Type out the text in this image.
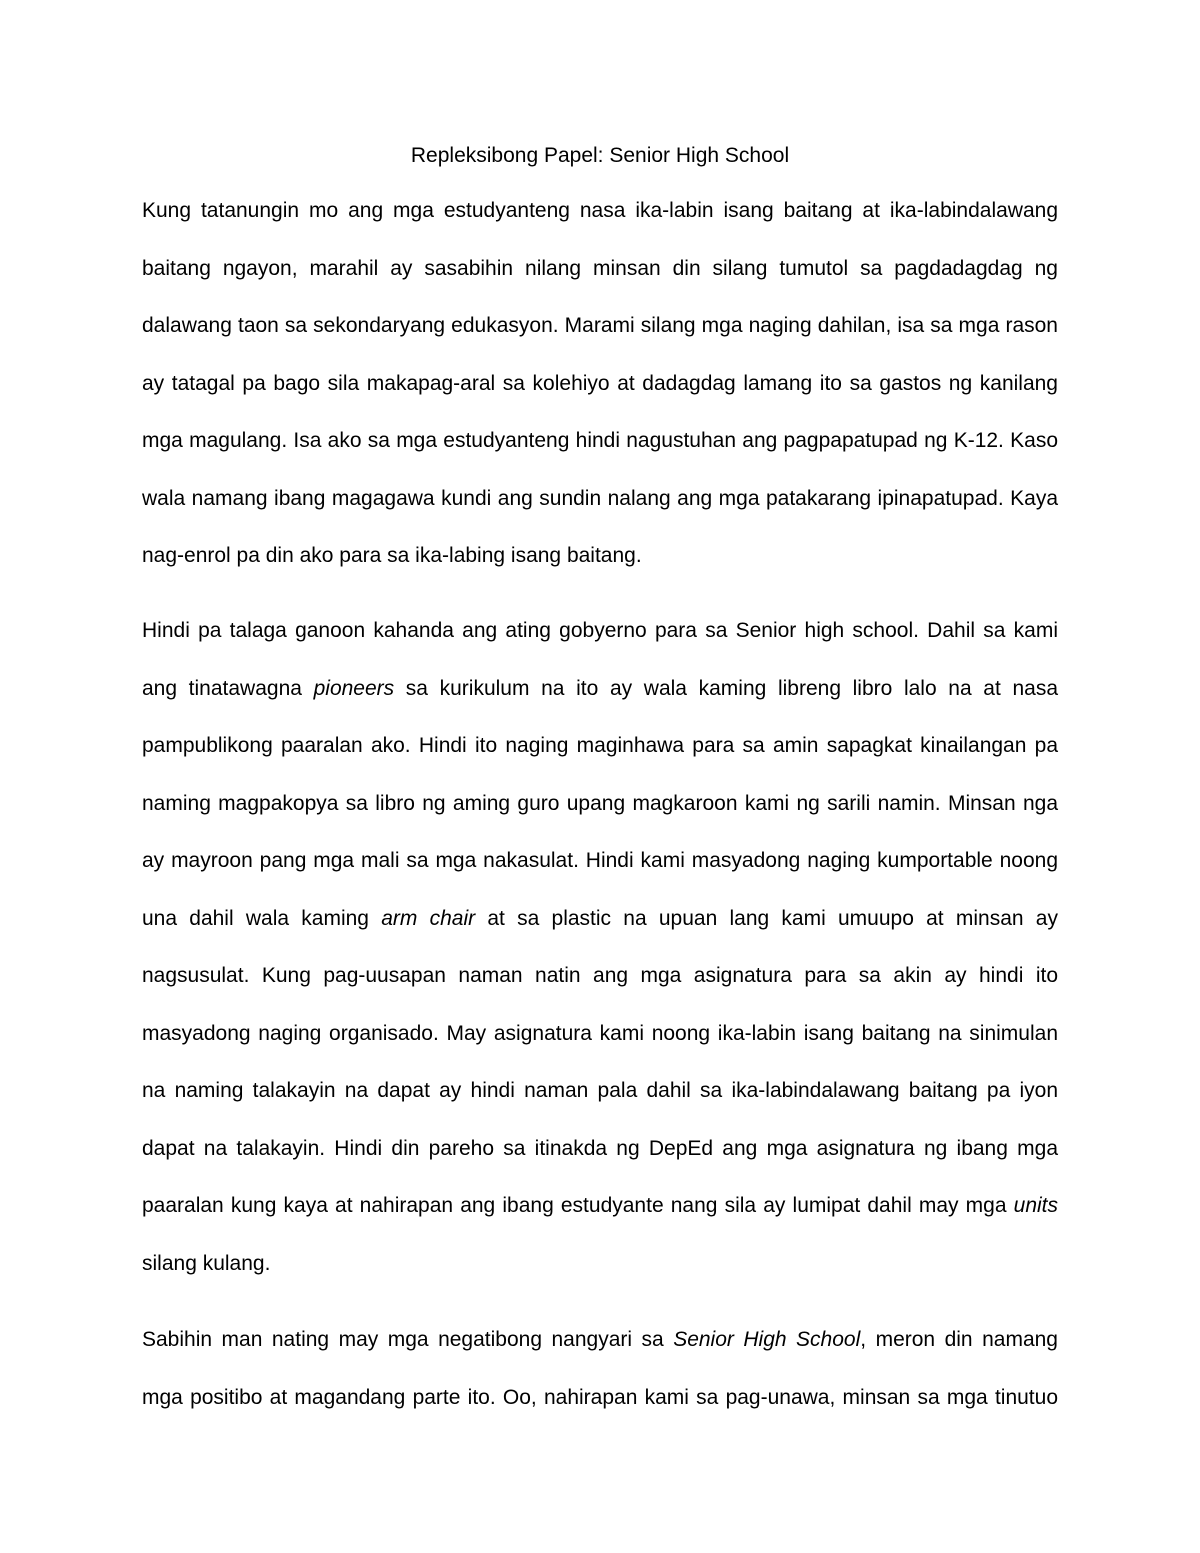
Repleksibong Papel: Senior High School
Kung tatanungin mo ang mga estudyanteng nasa ika-labin isang baitang at ika-labindalawang
baitang ngayon, marahil ay sasabihin nilang minsan din silang tumutol sa pagdadagdag ng
dalawang taon sa sekondaryang edukasyon. Marami silang mga naging dahilan, isa sa mga rason
ay tatagal pa bago sila makapag-aral sa kolehiyo at dadagdag lamang ito sa gastos ng kanilang
mga magulang. Isa ako sa mga estudyanteng hindi nagustuhan ang pagpapatupad ng K-12. Kaso
wala namang ibang magagawa kundi ang sundin nalang ang mga patakarang ipinapatupad. Kaya
nag-enrol pa din ako para sa ika-labing isang baitang.
Hindi pa talaga ganoon kahanda ang ating gobyerno para sa Senior high school. Dahil sa kami
ang tinatawagna pioneers sa kurikulum na ito ay wala kaming libreng libro lalo na at nasa
pampublikong paaralan ako. Hindi ito naging maginhawa para sa amin sapagkat kinailangan pa
naming magpakopya sa libro ng aming guro upang magkaroon kami ng sarili namin. Minsan nga
ay mayroon pang mga mali sa mga nakasulat. Hindi kami masyadong naging kumportable noong
una dahil wala kaming arm chair at sa plastic na upuan lang kami umuupo at minsan ay
nagsusulat. Kung pag-uusapan naman natin ang mga asignatura para sa akin ay hindi ito
masyadong naging organisado. May asignatura kami noong ika-labin isang baitang na sinimulan
na naming talakayin na dapat ay hindi naman pala dahil sa ika-labindalawang baitang pa iyon
dapat na talakayin. Hindi din pareho sa itinakda ng DepEd ang mga asignatura ng ibang mga
paaralan kung kaya at nahirapan ang ibang estudyante nang sila ay lumipat dahil may mga units
silang kulang.
Sabihin man nating may mga negatibong nangyari sa Senior High School, meron din namang
mga positibo at magandang parte ito. Oo, nahirapan kami sa pag-unawa, minsan sa mga tinutuo
